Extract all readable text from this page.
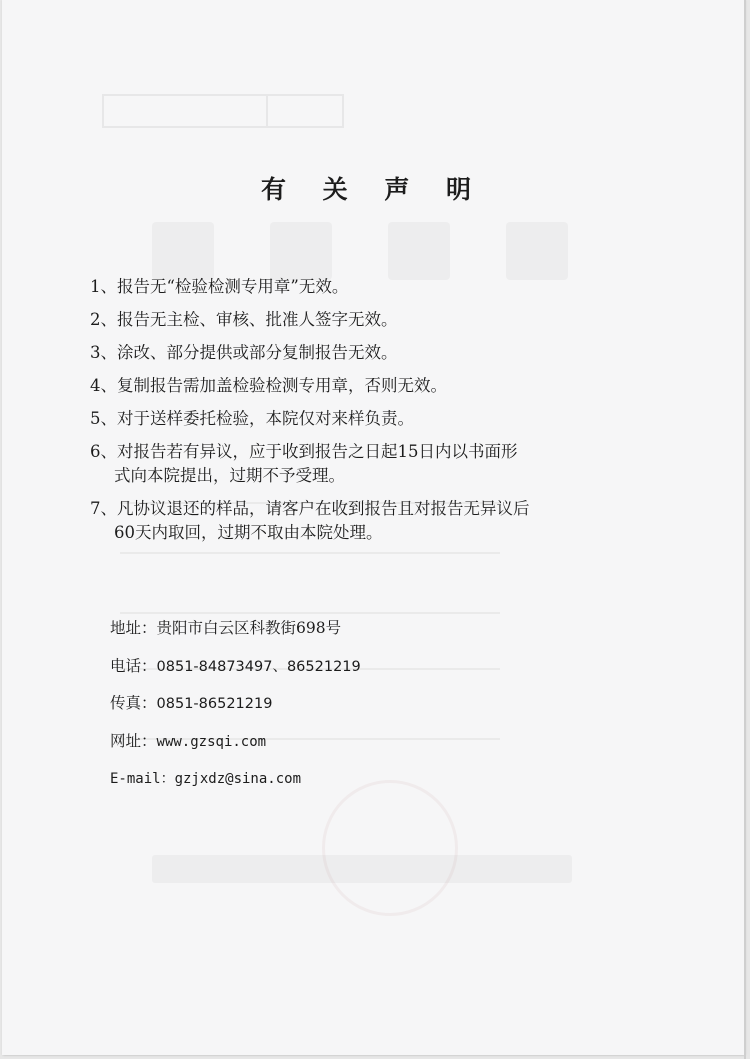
有 关 声 明
1、报告无“检验检测专用章”无效。
2、报告无主检、审核、批准人签字无效。
3、涂改、部分提供或部分复制报告无效。
4、复制报告需加盖检验检测专用章，否则无效。
5、对于送样委托检验，本院仅对来样负责。
6、对报告若有异议，应于收到报告之日起15日内以书面形
式向本院提出，过期不予受理。
7、凡协议退还的样品，请客户在收到报告且对报告无异议后
60天内取回，过期不取由本院处理。
地址：贵阳市白云区科教街698号
电话：0851-84873497、86521219
传真：0851-86521219
网址：www.gzsqi.com
E-mail：gzjxdz@sina.com
